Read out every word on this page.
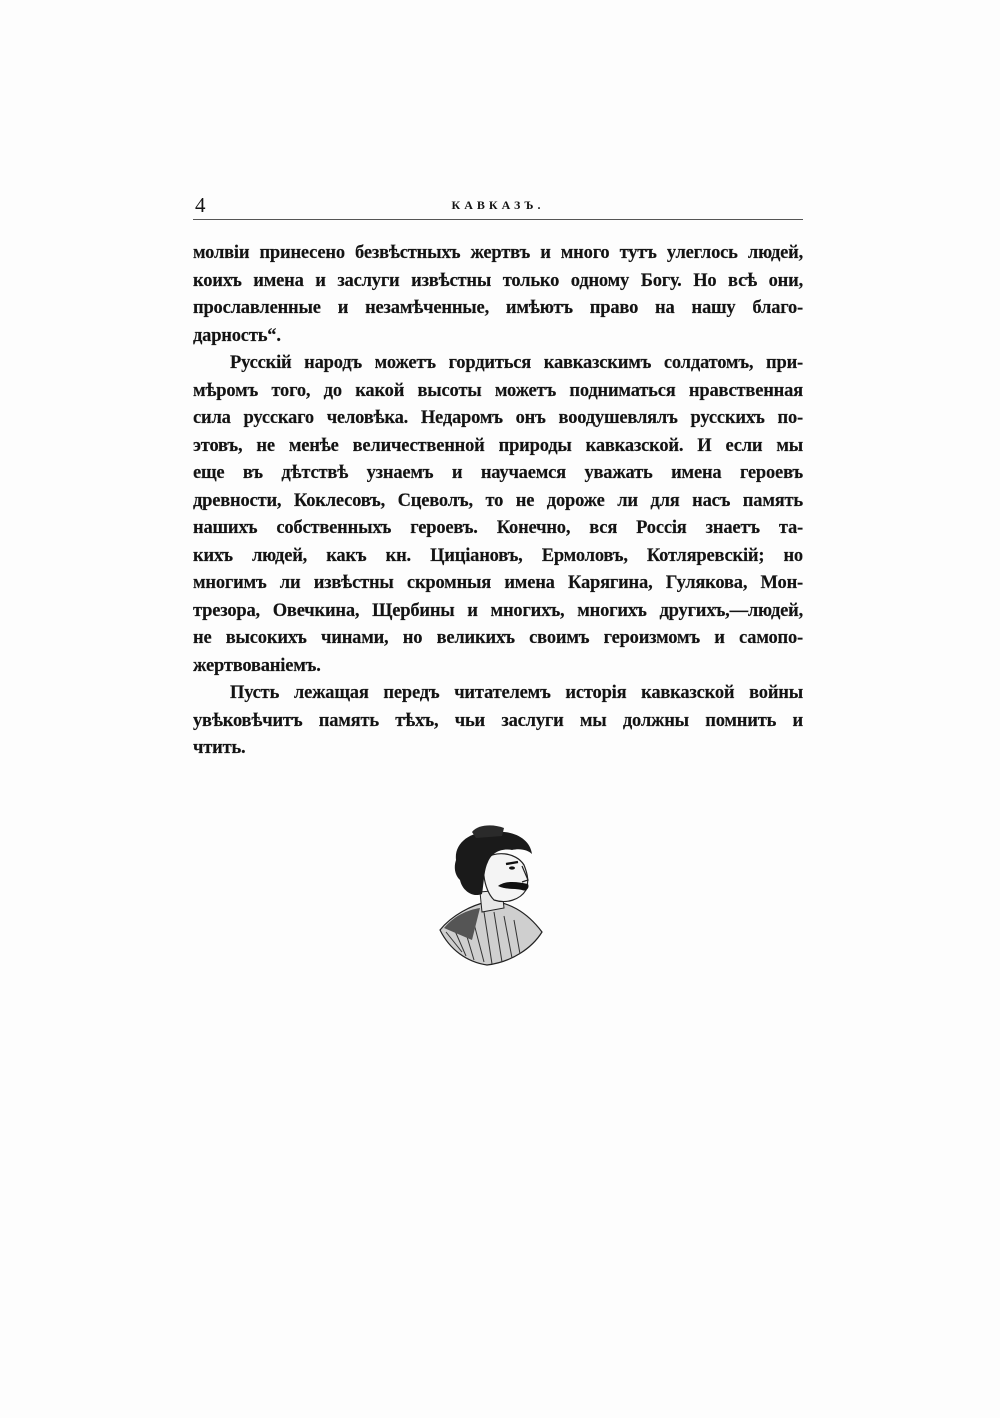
4	КАВКАЗЪ.
молвіи принесено безвѣстныхъ жертвъ и много тутъ улеглось людей,
коихъ имена и заслуги извѣстны только одному Богу. Но всѣ они,
прославленные и незамѣченные, имѣютъ право на нашу благо-
дарность“.
Русскій народъ можетъ гордиться кавказскимъ солдатомъ, при-
мѣромъ того, до какой высоты можетъ подниматься нравственная
сила русскаго человѣка. Недаромъ онъ воодушевлялъ русскихъ по-
этовъ, не менѣе величественной природы кавказской. И если мы
еще въ дѣтствѣ узнаемъ и научаемся уважать имена героевъ
древности, Коклесовъ, Сцеволъ, то не дороже ли для насъ память
нашихъ собственныхъ героевъ. Конечно, вся Россія знаетъ та-
кихъ людей, какъ кн. Цицiановъ, Ермоловъ, Котляревскій; но
многимъ ли извѣстны скромныя имена Карягина, Гулякова, Мон-
трезора, Овечкина, Щербины и многихъ, многихъ другихъ,—людей,
не высокихъ чинами, но великихъ своимъ героизмомъ и самопо-
жертвованіемъ.
Пусть лежащая передъ читателемъ исторія кавказской войны
увѣковѣчитъ память тѣхъ, чьи заслуги мы должны помнить и
чтить.
